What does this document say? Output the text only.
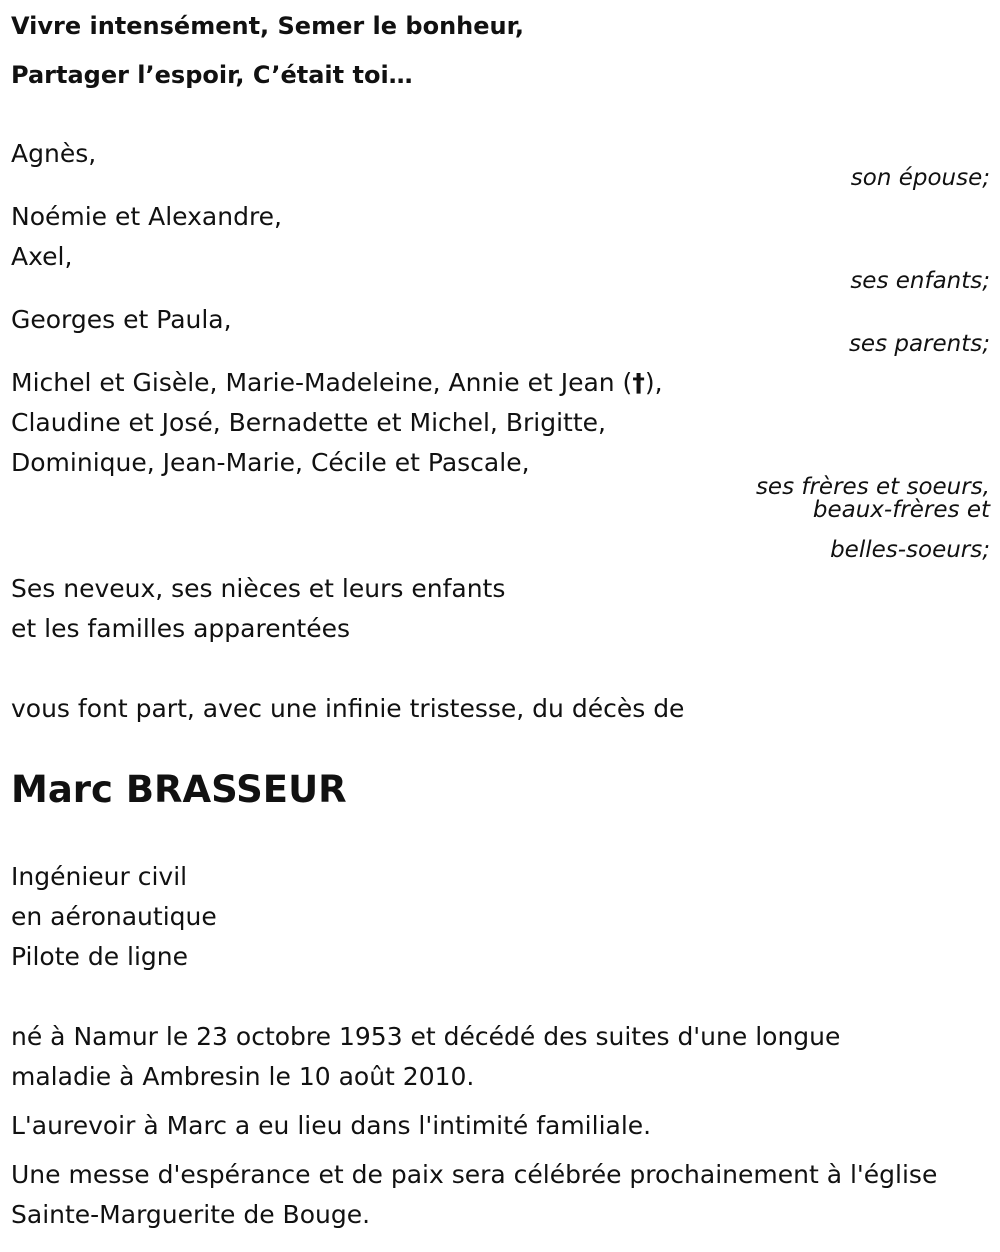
Vivre intensément, Semer le bonheur,
Partager l’espoir, C’était toi…
Agnès,
son épouse;
Noémie et Alexandre,
Axel,
ses enfants;
Georges et Paula,
ses parents;
Michel et Gisèle, Marie-Madeleine, Annie et Jean (†),
Claudine et José, Bernadette et Michel, Brigitte,
Dominique, Jean-Marie, Cécile et Pascale,
ses frères et soeurs,
beaux-frères et
belles-soeurs;
Ses neveux, ses nièces et leurs enfants
et les familles apparentées
vous font part, avec une infinie tristesse, du décès de
Marc BRASSEUR
Ingénieur civil
en aéronautique
Pilote de ligne
né à Namur le 23 octobre 1953 et décédé des suites d'une longue
maladie à Ambresin le 10 août 2010.
L'aurevoir à Marc a eu lieu dans l'intimité familiale.
Une messe d'espérance et de paix sera célébrée prochainement à l'église
Sainte-Marguerite de Bouge.
